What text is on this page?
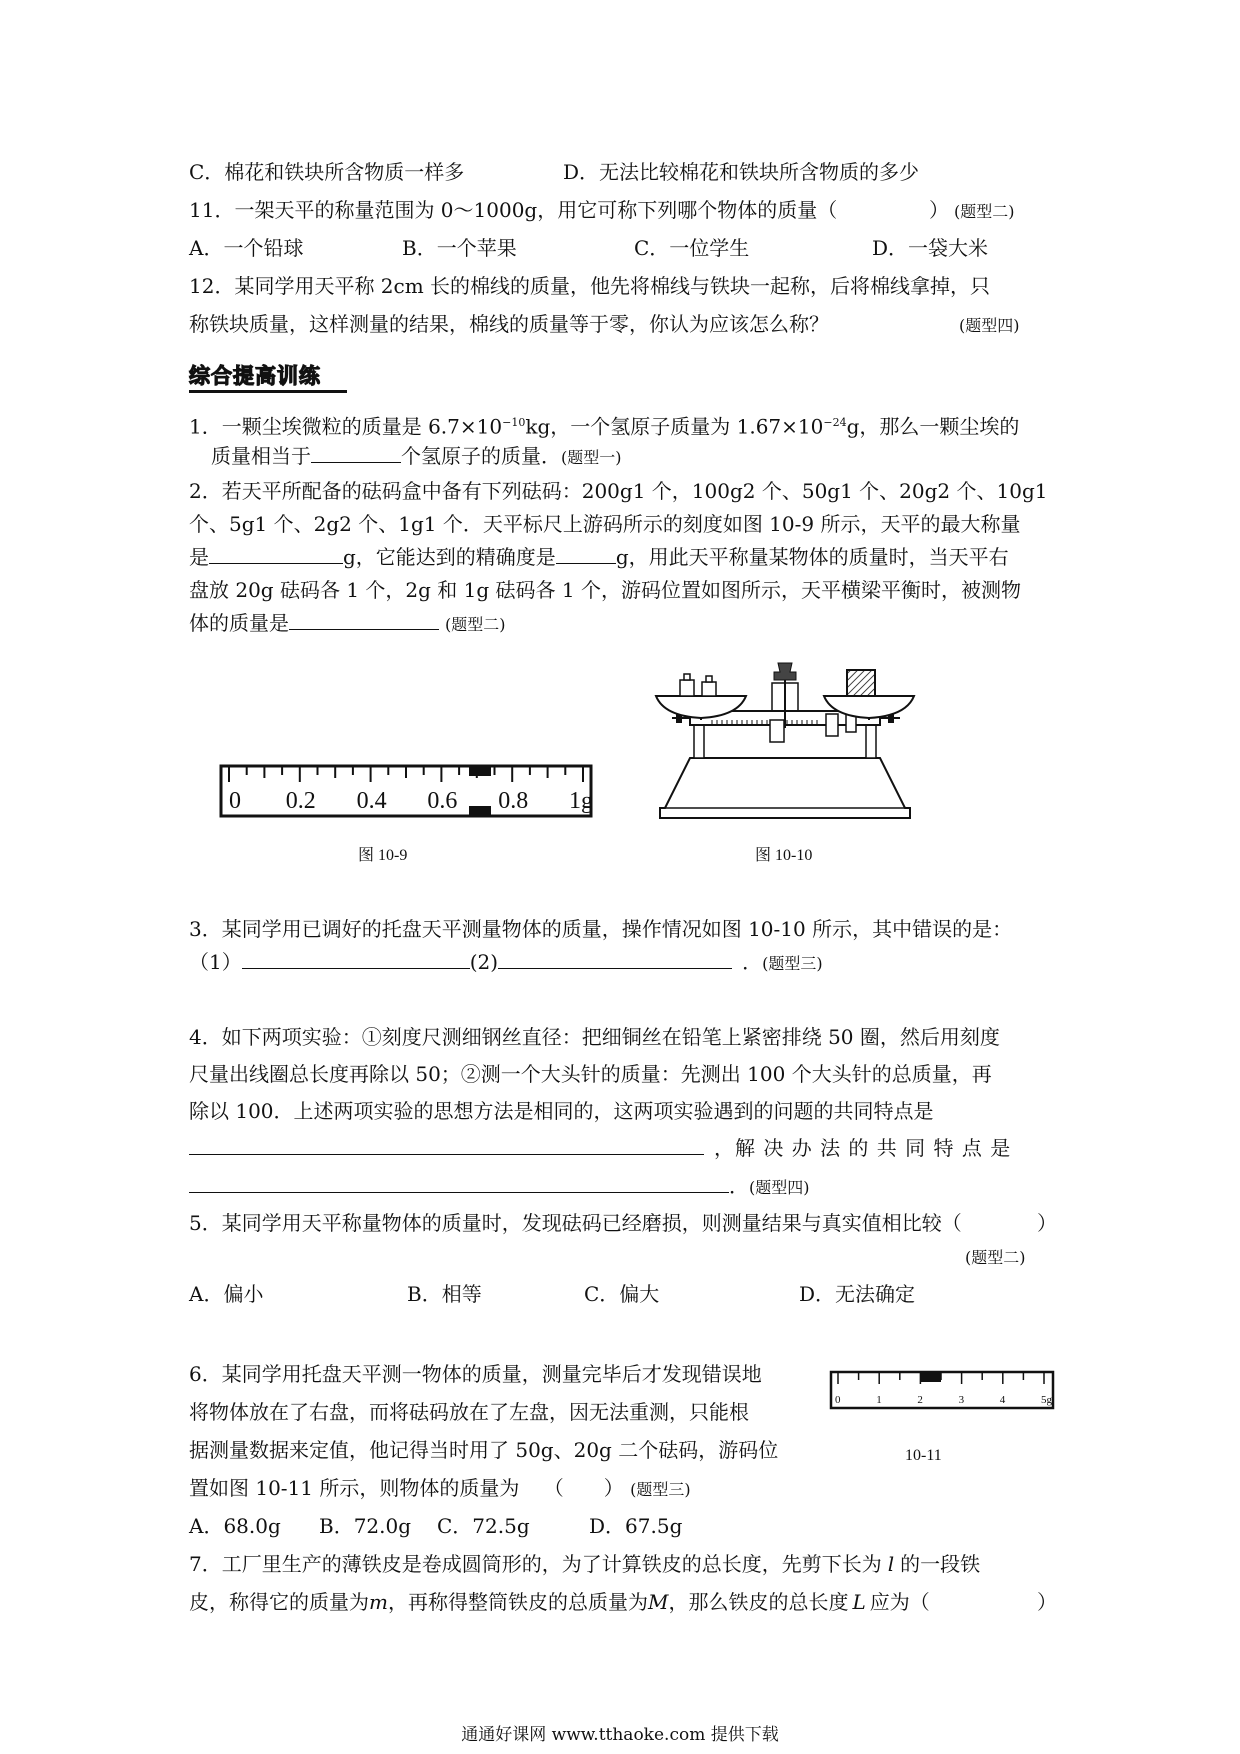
C．棉花和铁块所含物质一样多	D．无法比较棉花和铁块所含物质的多少
11．一架天平的称量范围为 0～1000g，用它可称下列哪个物体的质量（	） (题型二)
A．一个铅球	B．一个苹果	C．一位学生	D．一袋大米
12．某同学用天平称 2cm 长的棉线的质量，他先将棉线与铁块一起称，后将棉线拿掉，只
称铁块质量，这样测量的结果，棉线的质量等于零，你认为应该怎么称？	(题型四)
综合提高训练
1．一颗尘埃微粒的质量是 $6.7\times 10^{-10}kg$，一个氢原子质量为 $1.67\times 10^{-24}g$，那么一颗尘埃的
质量相当于	个氢原子的质量．(题型一)
2．若天平所配备的砝码盒中备有下列砝码：200g1 个，100g2 个、50g1 个、20g2 个、10g1
个、5g1 个、2g2 个、1g1 个．天平标尺上游码所示的刻度如图 10-9 所示，天平的最大称量
是	g，它能达到的精确度是	g，用此天平称量某物体的质量时，当天平右
盘放 20g 砝码各 1 个，2g 和 1g 砝码各 1 个，游码位置如图所示，天平横梁平衡时，被测物
体的质量是	(题型二)
0 0.2 0.4 0.6 0.8 1g
图 10-9	图 10-10
3．某同学用已调好的托盘天平测量物体的质量，操作情况如图 10-10 所示，其中错误的是：
（1）	(2)	．(题型三)
4．如下两项实验：①刻度尺测细钢丝直径：把细铜丝在铅笔上紧密排绕 50 圈，然后用刻度
尺量出线圈总长度再除以 50；②测一个大头针的质量：先测出 100 个大头针的总质量，再
除以 100．上述两项实验的思想方法是相同的，这两项实验遇到的问题的共同特点是
，解 决 办 法 的 共 同 特 点 是
．(题型四)
5．某同学用天平称量物体的质量时，发现砝码已经磨损，则测量结果与真实值相比较（	）
(题型二)
A．偏小	B．相等	C．偏大	D．无法确定
6．某同学用托盘天平测一物体的质量，测量完毕后才发现错误地
将物体放在了右盘，而将砝码放在了左盘，因无法重测，只能根
据测量数据来定值，他记得当时用了 50g、20g 二个砝码，游码位
置如图 10-11 所示，则物体的质量为 （　　） (题型三)
A．68.0g B．72.0g C．72.5g	D．67.5g
0	1	2	3	4	5g
10-11
7．工厂里生产的薄铁皮是卷成圆筒形的，为了计算铁皮的总长度，先剪下长为 l 的一段铁
皮，称得它的质量为m，再称得整筒铁皮的总质量为M，那么铁皮的总长度 L 应为（	）
通通好课网 www.tthaoke.com 提供下载
